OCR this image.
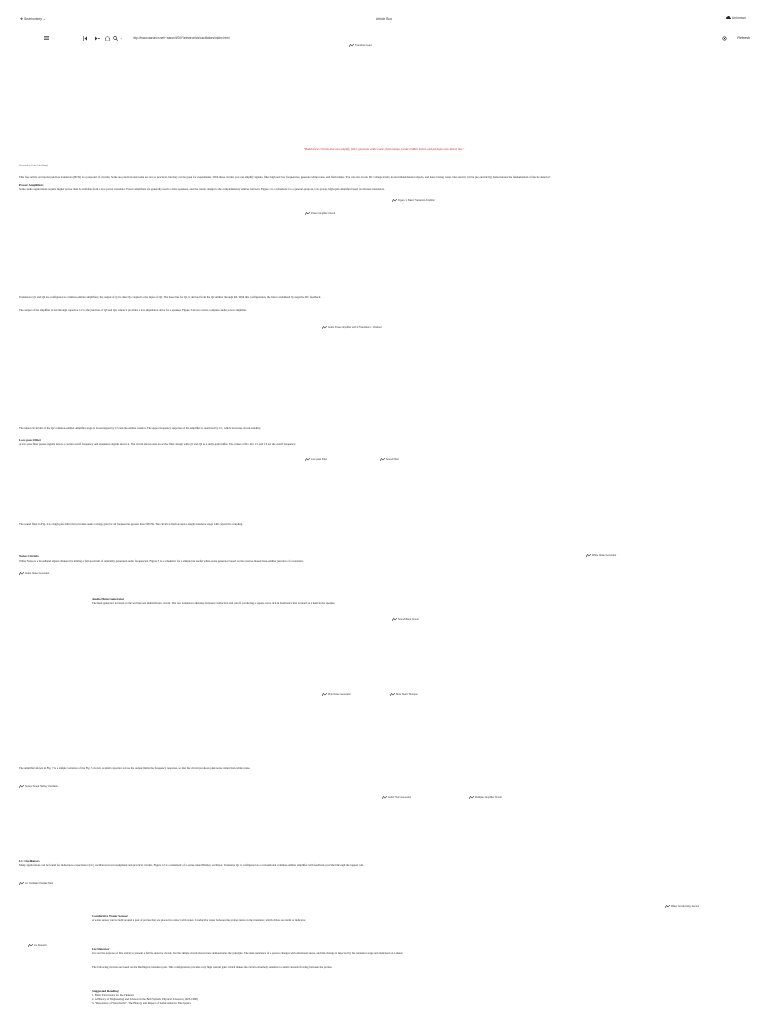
❖ Seamonkey ⌄	Article Box	Unknown
⌄
http://www.aaroncr.net/~aaron/t/DIY/electronics/oscillators/index.html	Refresh
Transistor Lead
"Build these circuits that can amplify, filter, generate white noise, flash lamps, locate hidden metal, and perhaps even detect lies."
Reworked by Delay Jerk (Ramp)
This free article on bipolar junction transistors (BJTs) is a potpourri of circuits. Some are practical and some are not so practical, but they can be great for experiments. With these circuits you can amplify signals, filter high and low frequencies, generate white noise, and flash lamps. You can also locate DC voltage levels, locate hidden/buried objects, and detect rising water. Our electric wit lie (no electricity) demonstrates the fundamentals of the lie detector!
Power Amplifiers
Some audio applications require higher power than is available from a low-power transistor. Power amplifiers are generally used to drive speakers, and the classic design is the complementary emitter follower. Figure 1 is a schematic for a general-purpose, low-power, high-gain amplifier based on discrete transistors.
Figure 1. Basic Transistor Amplifier
Power Amplifier Circuit
Transistors Q1 and Q2 are configured as common-emitter amplifiers; the output of Q1 is directly coupled to the input of Q2. The base bias for Q1 is derived from the Q2 emitter through R2. With this configuration, the bias is stabilized by negative DC feedback.
The output of the amplifier is fed through capacitor C2 to the junction of Q3 and Q4, where it provides a low-impedance drive for a speaker. Figure 3 shows a more complete audio power amplifier.
Audio Power Amplifier with 2 Transistors - Clocked
The tuned circuit R2 of the Q2 common-emitter amplifier stage is bootstrapped by C3 and the emitter resistor. The upper frequency response of the amplifier is restricted by C1, which increases circuit stability.
Low-pass Filter
A low-pass filter passes signals below a certain cutoff frequency and attenuates signals above it. The circuit shown uses an active filter design with Q1 and Q2 as a unity-gain buffer. The values of R1, R2, C1 and C2 set the cutoff frequency.
Low-pass Filter	Sound Filter
The sound filter in Fig. 4 is a high-pass filter that provides audio voltage gain for all frequencies greater than 500 Hz. The circuit is built around a single transistor stage with capacitive coupling.
Noise Circuits
White Noise is a broadband signal obtained by mixing a full spectrum of randomly generated audio frequencies. Figure 5 is a schematic for a simple but useful white-noise generator based on the reverse-biased base-emitter junction of a transistor.
White Noise Generator
Audio Noise Generator
Audio Hum Generator
The hum generator is based on the well known multivibrator circuit. The two transistors alternate between conduction and cutoff, producing a square wave rich in harmonics that is heard as a hum in the speaker.
Sound Band Circuit
Pink Noise Generator	Slow Heart Thumper
The amplifier shown in Fig. 7 is a simple variation of the Fig. 5 circuit. A small capacitor across the output limits the frequency response, so that the circuit produces pink noise rather than white noise.
Series Tuned Hartley Oscillator
Audio Hum Generator	Multiplex Amplifier Circuit
LC Oscillators
Many applications can be found for inductance-capacitance (LC) oscillators in test equipment and practical circuits. Figure 12 is a schematic of a series-tuned Hartley oscillator. Transistor Q1 is configured as a conventional common-emitter amplifier with feedback provided through the tapped coil.
LC Oscillator Parallel Tank
Water Conductivity Sensor
Conductive Water Sensor
A water sensor can be built around a pair of probes that are placed in contact with water. Conductive water between the probes turns on the transistor, which drives an alarm or indicator.
Lie Detector
Lie Detector
It is not the purpose of this article to present a full lie detector circuit, but the simple circuit shown here demonstrates the principle. The skin resistance of a person changes with emotional stress, and this change is detected by the transistor stage and indicated on a meter.
The following circuits are based on the Darlington transistor pair. This configuration provides very high current gain, which makes the circuit extremely sensitive to small currents flowing between the probes.
Suggested Reading
1. Basic Electronics for the Tinkerer
2. A History of Engineering and Science in the Bell System, Physical Sciences (1925-1980)
3. "Resonance of Waveforms", The History and Impact of Semiconductor Electronics
